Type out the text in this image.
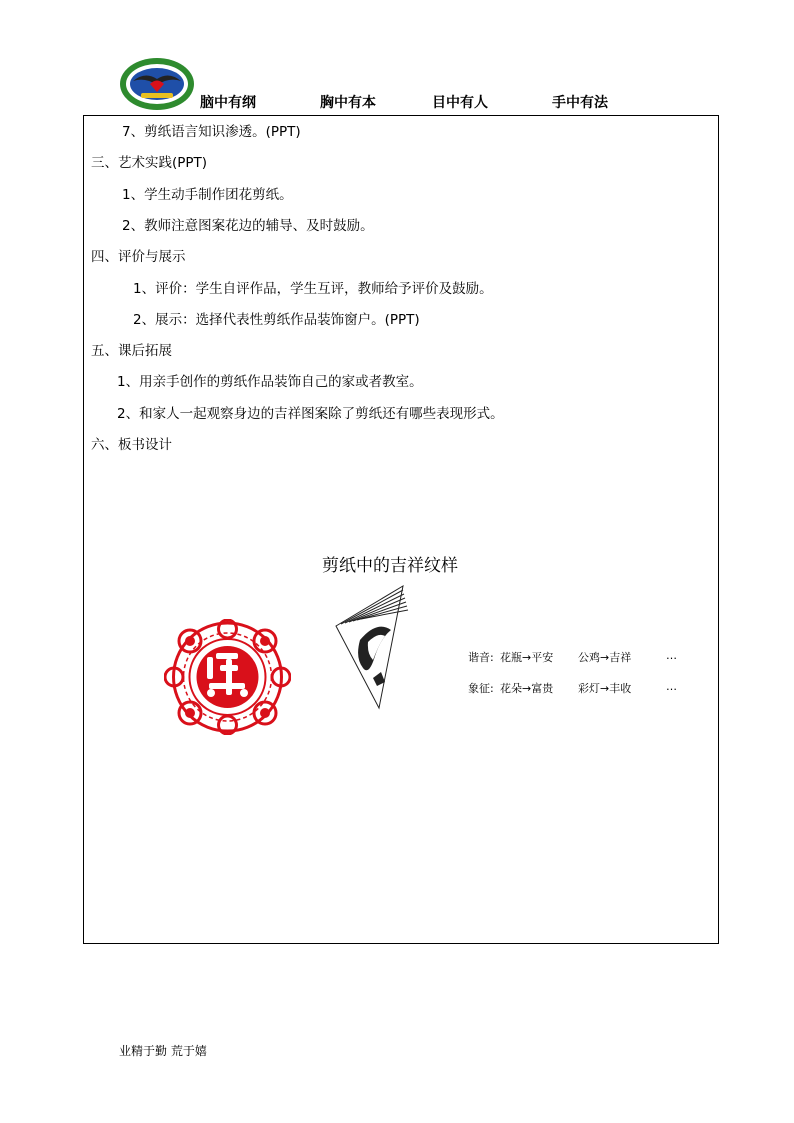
脑中有纲	胸中有本	目中有人	手中有法
7、剪纸语言知识渗透。(PPT)
三、艺术实践(PPT)
1、学生动手制作团花剪纸。
2、教师注意图案花边的辅导、及时鼓励。
四、评价与展示
1、评价：学生自评作品，学生互评，教师给予评价及鼓励。
2、展示：选择代表性剪纸作品装饰窗户。(PPT)
五、课后拓展
1、用亲手创作的剪纸作品装饰自己的家或者教室。
2、和家人一起观察身边的吉祥图案除了剪纸还有哪些表现形式。
六、板书设计
剪纸中的吉祥纹样
谐音: 花瓶→平安 公鸡→吉祥	…
象征: 花朵→富贵 彩灯→丰收	…
业精于勤 荒于嬉
